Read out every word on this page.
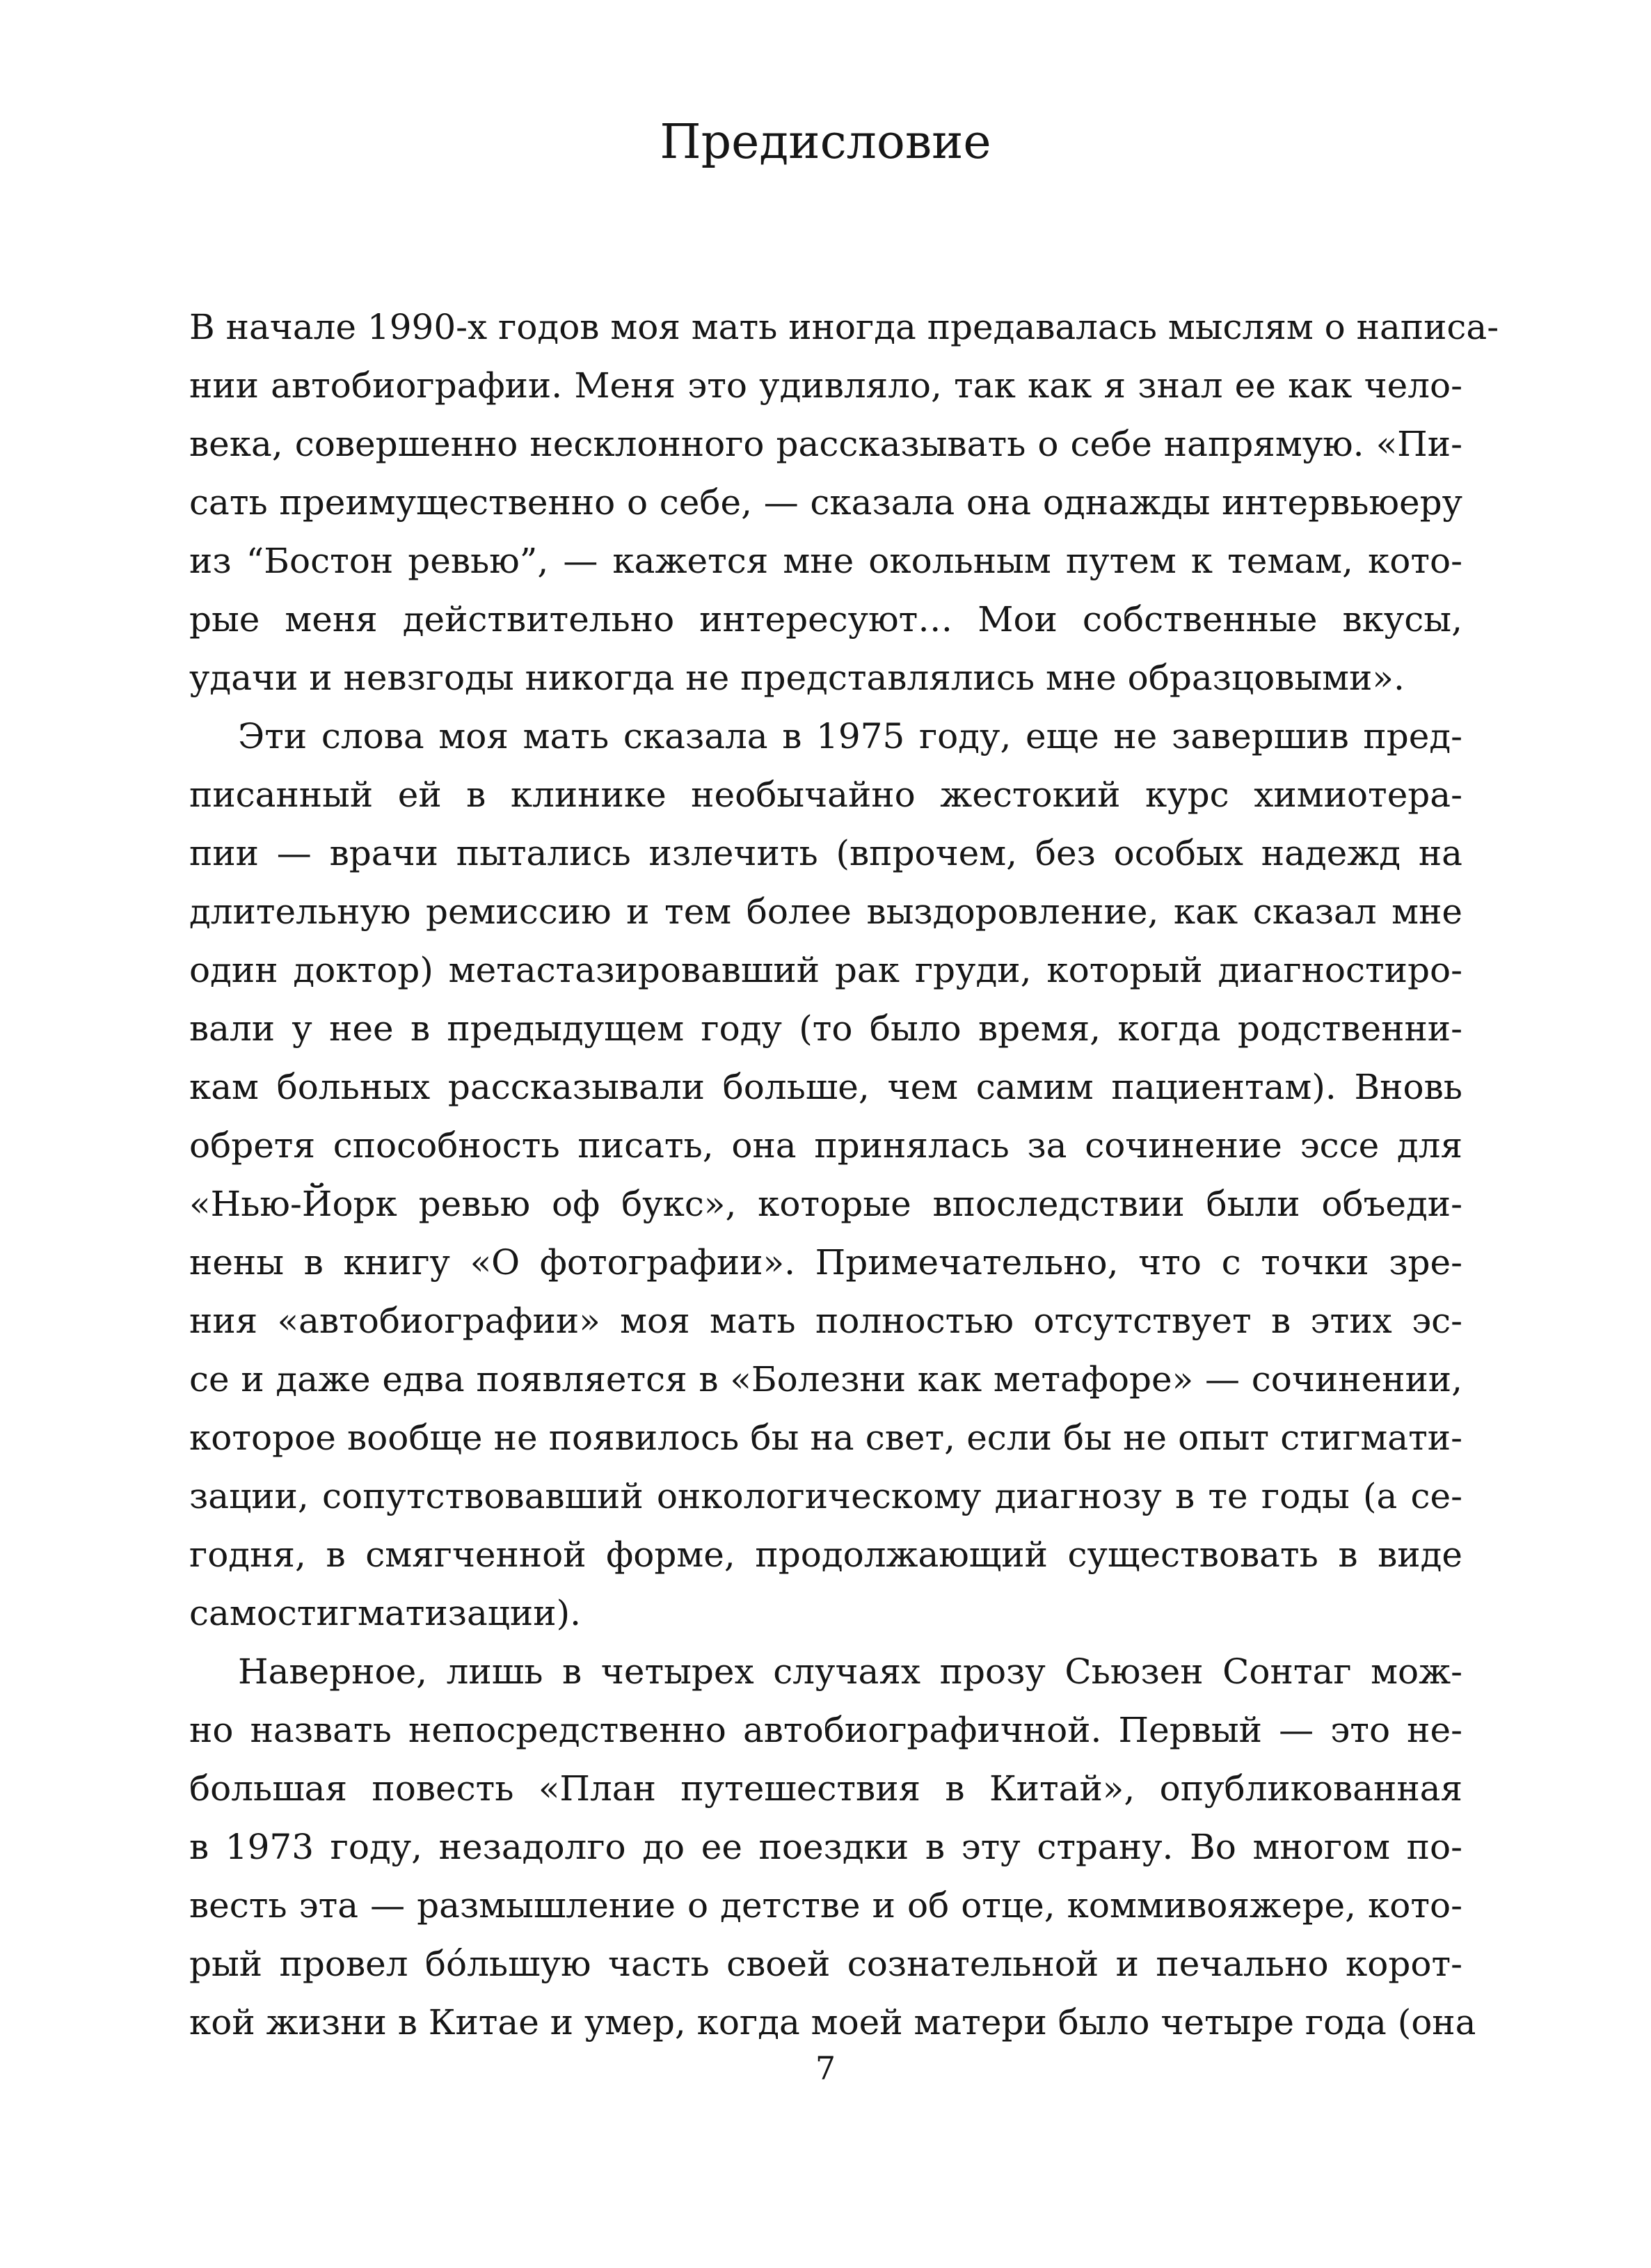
Предисловие
В начале 1990-х годов моя мать иногда предавалась мыслям о написа-
нии автобиографии. Меня это удивляло, так как я знал ее как чело-
века, совершенно несклонного рассказывать о себе напрямую. «Пи-
сать преимущественно о себе, — сказала она однажды интервьюеру
из “Бостон ревью”, — кажется мне окольным путем к темам, кото-
рые меня действительно интересуют… Мои собственные вкусы,
удачи и невзгоды никогда не представлялись мне образцовыми».
Эти слова моя мать сказала в 1975 году, еще не завершив пред-
писанный ей в клинике необычайно жестокий курс химиотера-
пии — врачи пытались излечить (впрочем, без особых надежд на
длительную ремиссию и тем более выздоровление, как сказал мне
один доктор) метастазировавший рак груди, который диагностиро-
вали у нее в предыдущем году (то было время, когда родственни-
кам больных рассказывали больше, чем самим пациентам). Вновь
обретя способность писать, она принялась за сочинение эссе для
«Нью-Йорк ревью оф букс», которые впоследствии были объеди-
нены в книгу «О фотографии». Примечательно, что с точки зре-
ния «автобиографии» моя мать полностью отсутствует в этих эс-
се и даже едва появляется в «Болезни как метафоре» — сочинении,
которое вообще не появилось бы на свет, если бы не опыт стигмати-
зации, сопутствовавший онкологическому диагнозу в те годы (а се-
годня, в смягченной форме, продолжающий существовать в виде
самостигматизации).
Наверное, лишь в четырех случаях прозу Сьюзен Сонтаг мож-
но назвать непосредственно автобиографичной. Первый — это не-
большая повесть «План путешествия в Китай», опубликованная
в 1973 году, незадолго до ее поездки в эту страну. Во многом по-
весть эта — размышление о детстве и об отце, коммивояжере, кото-
рый провел бóльшую часть своей сознательной и печально корот-
кой жизни в Китае и умер, когда моей матери было четыре года (она
7
